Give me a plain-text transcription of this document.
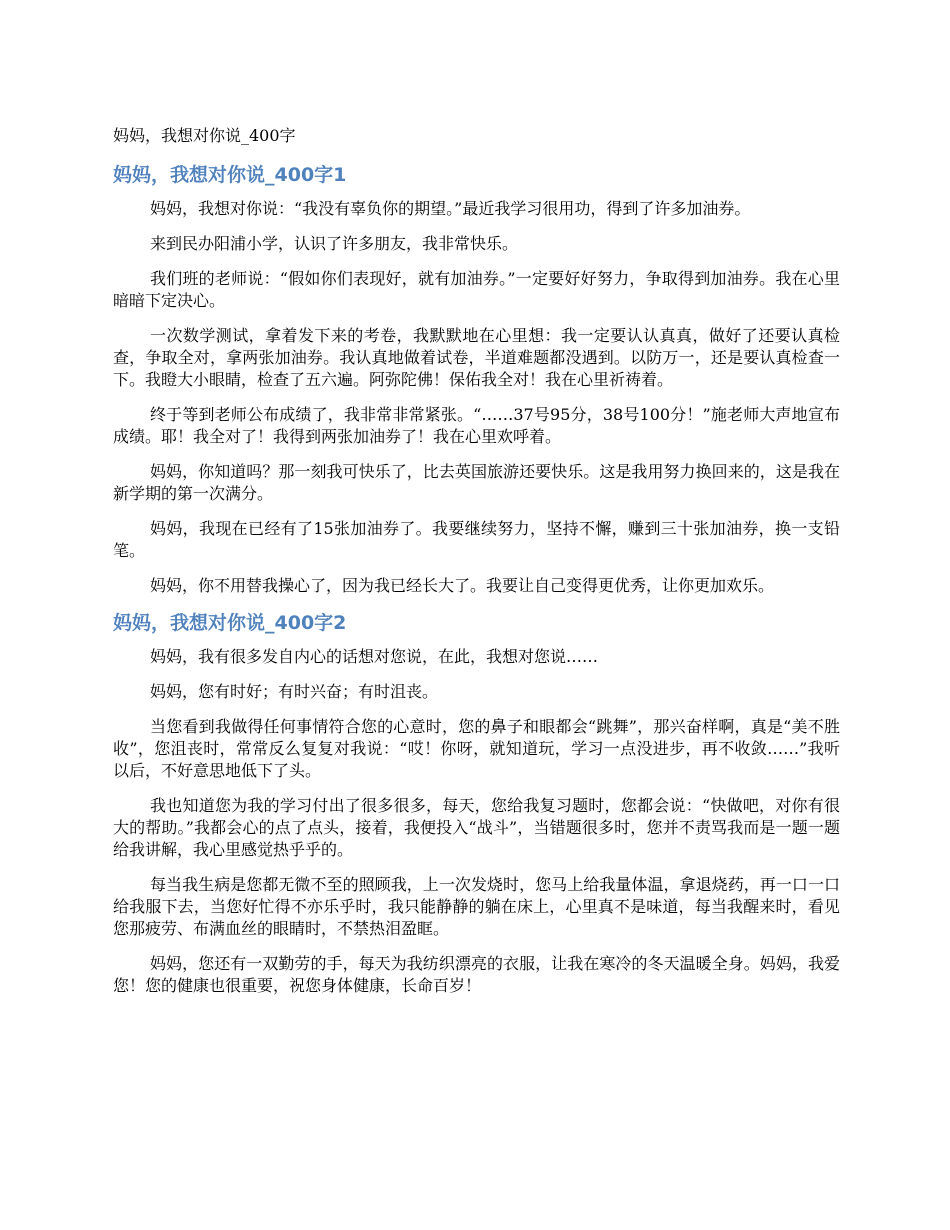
妈妈，我想对你说_400字

妈妈，我想对你说_400字1

妈妈，我想对你说：“我没有辜负你的期望。”最近我学习很用功，得到了许多加油券。

来到民办阳浦小学，认识了许多朋友，我非常快乐。

我们班的老师说：“假如你们表现好，就有加油券。”一定要好好努力，争取得到加油券。我在心里暗暗下定决心。

一次数学测试，拿着发下来的考卷，我默默地在心里想：我一定要认认真真，做好了还要认真检查，争取全对，拿两张加油券。我认真地做着试卷，半道难题都没遇到。以防万一，还是要认真检查一下。我瞪大小眼睛，检查了五六遍。阿弥陀佛！保佑我全对！我在心里祈祷着。

终于等到老师公布成绩了，我非常非常紧张。“……37号95分，38号100分！”施老师大声地宣布成绩。耶！我全对了！我得到两张加油券了！我在心里欢呼着。

妈妈，你知道吗？那一刻我可快乐了，比去英国旅游还要快乐。这是我用努力换回来的，这是我在新学期的第一次满分。

妈妈，我现在已经有了15张加油券了。我要继续努力，坚持不懈，赚到三十张加油券，换一支铅笔。

妈妈，你不用替我操心了，因为我已经长大了。我要让自己变得更优秀，让你更加欢乐。

妈妈，我想对你说_400字2

妈妈，我有很多发自内心的话想对您说，在此，我想对您说……

妈妈，您有时好；有时兴奋；有时沮丧。

当您看到我做得任何事情符合您的心意时，您的鼻子和眼都会“跳舞”，那兴奋样啊，真是“美不胜收”，您沮丧时，常常反么复复对我说：“哎！你呀，就知道玩，学习一点没进步，再不收敛……”我听以后，不好意思地低下了头。

我也知道您为我的学习付出了很多很多，每天，您给我复习题时，您都会说：“快做吧，对你有很大的帮助。”我都会心的点了点头，接着，我便投入“战斗”，当错题很多时，您并不责骂我而是一题一题给我讲解，我心里感觉热乎乎的。

每当我生病是您都无微不至的照顾我，上一次发烧时，您马上给我量体温，拿退烧药，再一口一口给我服下去，当您好忙得不亦乐乎时，我只能静静的躺在床上，心里真不是味道，每当我醒来时，看见您那疲劳、布满血丝的眼睛时，不禁热泪盈眶。

妈妈，您还有一双勤劳的手，每天为我纺织漂亮的衣服，让我在寒冷的冬天温暖全身。妈妈，我爱您！您的健康也很重要，祝您身体健康，长命百岁！
